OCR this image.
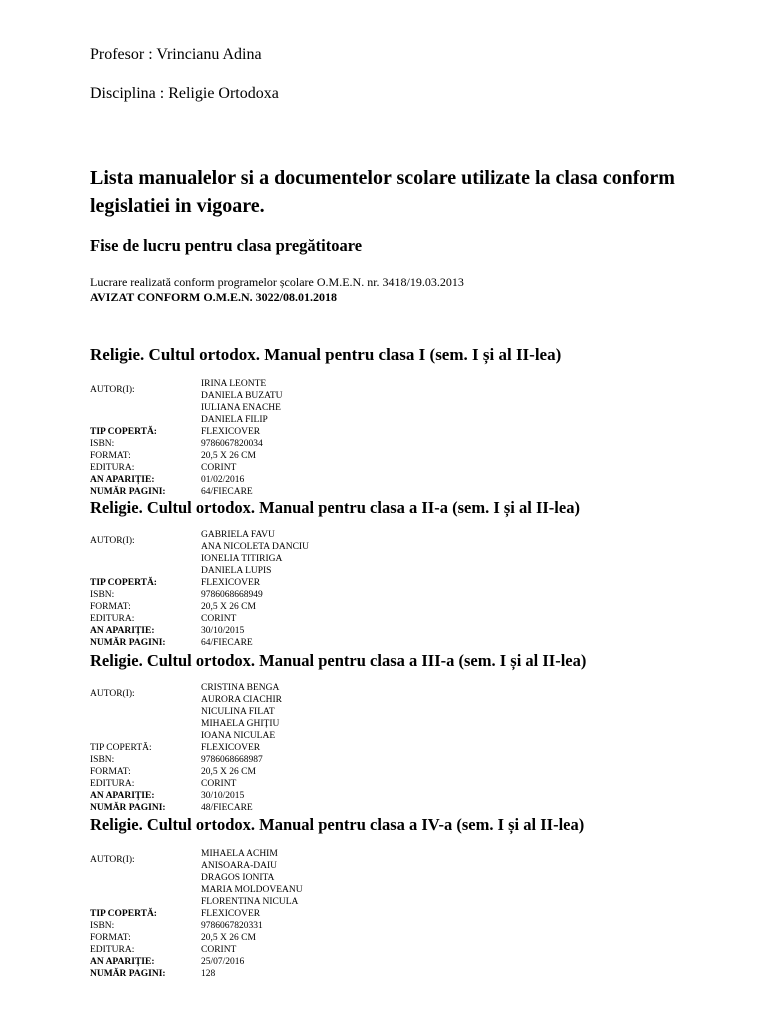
Profesor : Vrincianu Adina
Disciplina : Religie Ortodoxa
Lista manualelor si a documentelor scolare utilizate la clasa conform legislatiei in vigoare.
Fise de lucru pentru clasa pregătitoare
Lucrare realizată conform programelor școlare O.M.E.N. nr. 3418/19.03.2013
AVIZAT CONFORM O.M.E.N. 3022/08.01.2018
Religie. Cultul ortodox. Manual pentru clasa I (sem. I și al II-lea)
AUTOR(I):
IRINA LEONTE
DANIELA BUZATU
IULIANA ENACHE
DANIELA FILIP
TIP COPERTĂ:	FLEXICOVER
ISBN:	9786067820034
FORMAT:	20,5 X 26 CM
EDITURA:	CORINT
AN APARIȚIE:	01/02/2016
NUMĂR PAGINI:	64/FIECARE
Religie. Cultul ortodox. Manual pentru clasa a II-a (sem. I și al II-lea)
AUTOR(I):
GABRIELA FAVU
ANA NICOLETA DANCIU
IONELIA TITIRIGA
DANIELA LUPIS
TIP COPERTĂ:	FLEXICOVER
ISBN:	9786068668949
FORMAT:	20,5 X 26 CM
EDITURA:	CORINT
AN APARIȚIE:	30/10/2015
NUMĂR PAGINI:	64/FIECARE
Religie. Cultul ortodox. Manual pentru clasa a III-a (sem. I și al II-lea)
AUTOR(I):
CRISTINA BENGA
AURORA CIACHIR
NICULINA FILAT
MIHAELA GHIȚIU
IOANA NICULAE
TIP COPERTĂ:	FLEXICOVER
ISBN:	9786068668987
FORMAT:	20,5 X 26 CM
EDITURA:	CORINT
AN APARIȚIE:	30/10/2015
NUMĂR PAGINI:	48/FIECARE
Religie. Cultul ortodox. Manual pentru clasa a IV-a (sem. I și al II-lea)
AUTOR(I):
MIHAELA ACHIM
ANISOARA-DAIU
DRAGOS IONITA
MARIA MOLDOVEANU
FLORENTINA NICULA
TIP COPERTĂ:	FLEXICOVER
ISBN:	9786067820331
FORMAT:	20,5 X 26 CM
EDITURA:	CORINT
AN APARIȚIE:	25/07/2016
NUMĂR PAGINI:	128
